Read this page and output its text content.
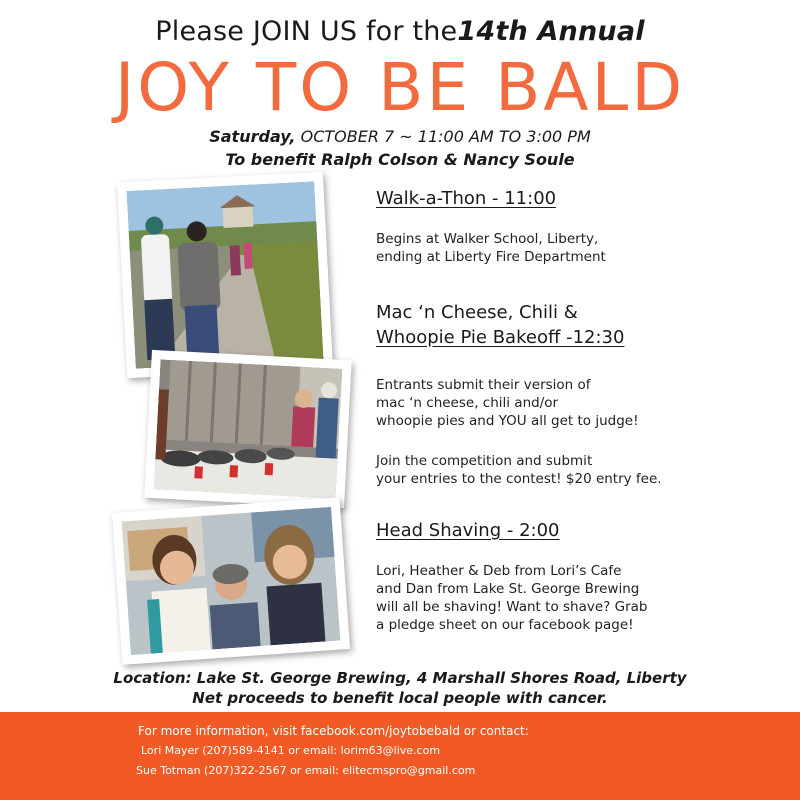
Please JOIN US for the14th Annual
JOY TO BE BALD
Saturday, OCTOBER 7 ~ 11:00 AM TO 3:00 PM
To benefit Ralph Colson & Nancy Soule
Walk-a-Thon - 11:00
Begins at Walker School, Liberty,
ending at Liberty Fire Department
Mac ‘n Cheese, Chili &
Whoopie Pie Bakeoff -12:30
Entrants submit their version of
mac ‘n cheese, chili and/or
whoopie pies and YOU all get to judge!
Join the competition and submit
your entries to the contest! $20 entry fee.
Head Shaving - 2:00
Lori, Heather & Deb from Lori’s Cafe
and Dan from Lake St. George Brewing
will all be shaving! Want to shave? Grab
a pledge sheet on our facebook page!
Location: Lake St. George Brewing, 4 Marshall Shores Road, Liberty
Net proceeds to benefit local people with cancer.
For more information, visit facebook.com/joytobebald or contact:
Lori Mayer (207)589-4141 or email: lorim63@live.com
Sue Totman (207)322-2567 or email: elitecmspro@gmail.com
